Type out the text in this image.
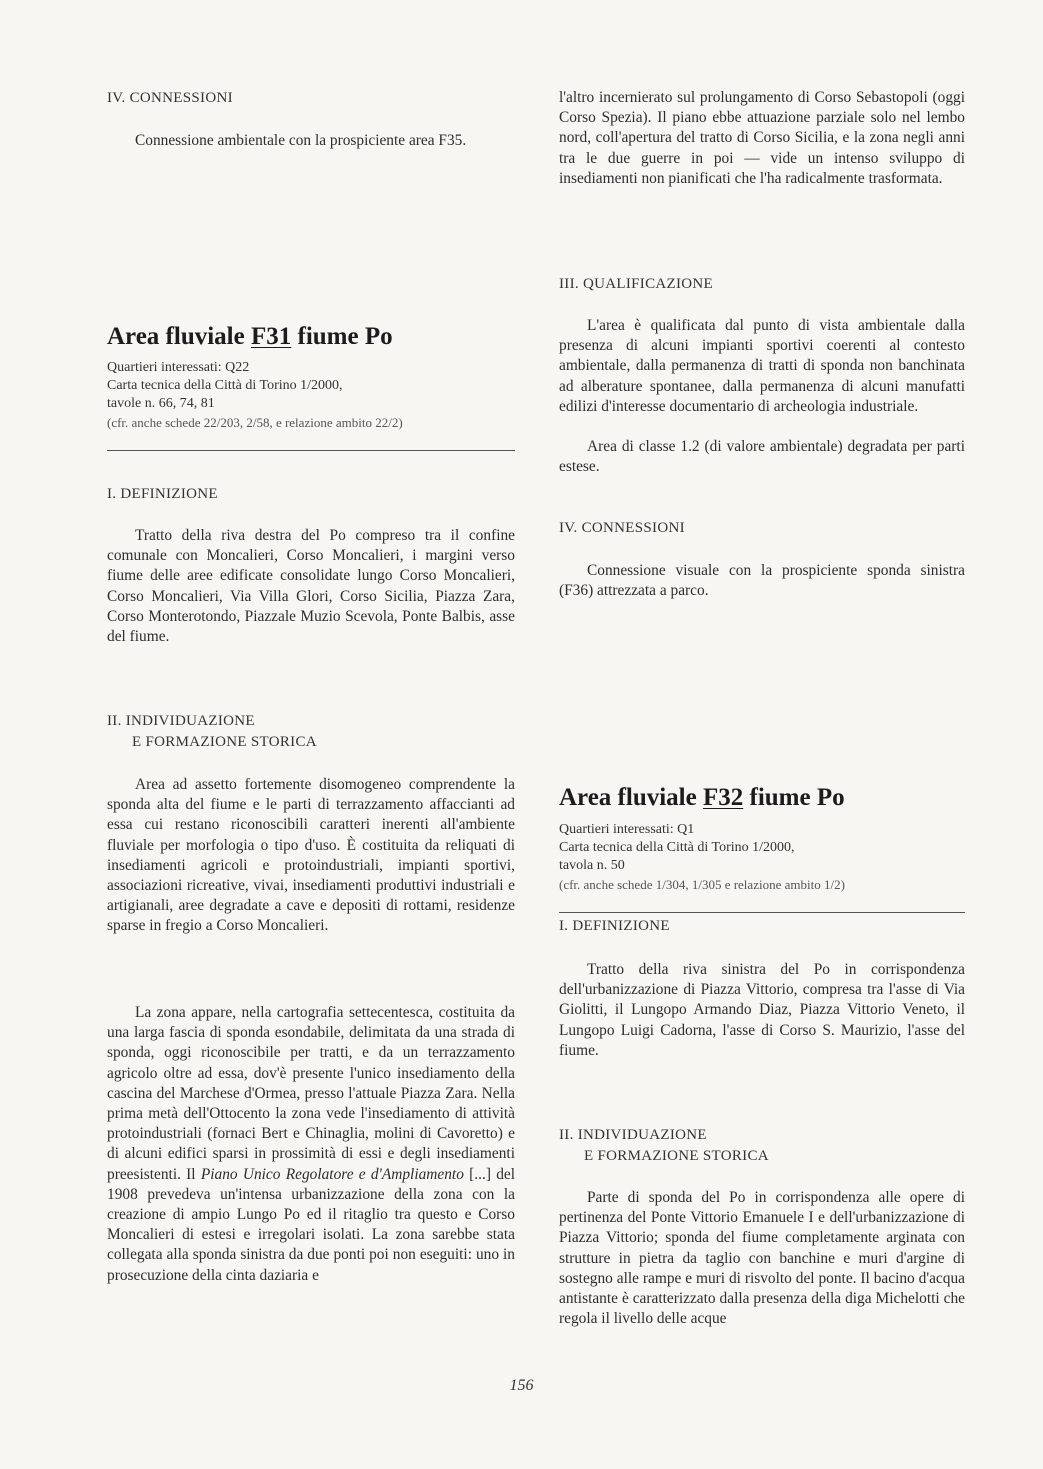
IV. CONNESSIONI

Connessione ambientale con la prospiciente area F35.

Area fluviale F31 fiume Po
Quartieri interessati: Q22
Carta tecnica della Città di Torino 1/2000,
tavole n. 66, 74, 81
(cfr. anche schede 22/203, 2/58, e relazione ambito 22/2)
I. DEFINIZIONE

Tratto della riva destra del Po compreso tra il confine comunale con Moncalieri, Corso Moncalieri, i margini verso fiume delle aree edificate consolidate lungo Corso Moncalieri, Corso Moncalieri, Via Villa Glori, Corso Sicilia, Piazza Zara, Corso Monterotondo, Piazzale Muzio Scevola, Ponte Balbis, asse del fiume.

II. INDIVIDUAZIONE
E FORMAZIONE STORICA

Area ad assetto fortemente disomogeneo comprendente la sponda alta del fiume e le parti di terrazzamento affaccianti ad essa cui restano riconoscibili caratteri inerenti all'ambiente fluviale per morfologia o tipo d'uso. È costituita da reliquati di insediamenti agricoli e protoindustriali, impianti sportivi, associazioni ricreative, vivai, insediamenti produttivi industriali e artigianali, aree degradate a cave e depositi di rottami, residenze sparse in fregio a Corso Moncalieri.

La zona appare, nella cartografia settecentesca, costituita da una larga fascia di sponda esondabile, delimitata da una strada di sponda, oggi riconoscibile per tratti, e da un terrazzamento agricolo oltre ad essa, dov'è presente l'unico insediamento della cascina del Marchese d'Ormea, presso l'attuale Piazza Zara. Nella prima metà dell'Ottocento la zona vede l'insediamento di attività protoindustriali (fornaci Bert e Chinaglia, molini di Cavoretto) e di alcuni edifici sparsi in prossimità di essi e degli insediamenti preesistenti. Il Piano Unico Regolatore e d'Ampliamento [...] del 1908 prevedeva un'intensa urbanizzazione della zona con la creazione di ampio Lungo Po ed il ritaglio tra questo e Corso Moncalieri di estesi e irregolari isolati. La zona sarebbe stata collegata alla sponda sinistra da due ponti poi non eseguiti: uno in prosecuzione della cinta daziaria e

l'altro incernierato sul prolungamento di Corso Sebastopoli (oggi Corso Spezia). Il piano ebbe attuazione parziale solo nel lembo nord, coll'apertura del tratto di Corso Sicilia, e la zona negli anni tra le due guerre in poi — vide un intenso sviluppo di insediamenti non pianificati che l'ha radicalmente trasformata.

III. QUALIFICAZIONE

L'area è qualificata dal punto di vista ambientale dalla presenza di alcuni impianti sportivi coerenti al contesto ambientale, dalla permanenza di tratti di sponda non banchinata ad alberature spontanee, dalla permanenza di alcuni manufatti edilizi d'interesse documentario di archeologia industriale.

Area di classe 1.2 (di valore ambientale) degradata per parti estese.

IV. CONNESSIONI

Connessione visuale con la prospiciente sponda sinistra (F36) attrezzata a parco.

Area fluviale F32 fiume Po
Quartieri interessati: Q1
Carta tecnica della Città di Torino 1/2000,
tavola n. 50
(cfr. anche schede 1/304, 1/305 e relazione ambito 1/2)
I. DEFINIZIONE

Tratto della riva sinistra del Po in corrispondenza dell'urbanizzazione di Piazza Vittorio, compresa tra l'asse di Via Giolitti, il Lungopo Armando Diaz, Piazza Vittorio Veneto, il Lungopo Luigi Cadorna, l'asse di Corso S. Maurizio, l'asse del fiume.

II. INDIVIDUAZIONE
E FORMAZIONE STORICA

Parte di sponda del Po in corrispondenza alle opere di pertinenza del Ponte Vittorio Emanuele I e dell'urbanizzazione di Piazza Vittorio; sponda del fiume completamente arginata con strutture in pietra da taglio con banchine e muri d'argine di sostegno alle rampe e muri di risvolto del ponte. Il bacino d'acqua antistante è caratterizzato dalla presenza della diga Michelotti che regola il livello delle acque

156
